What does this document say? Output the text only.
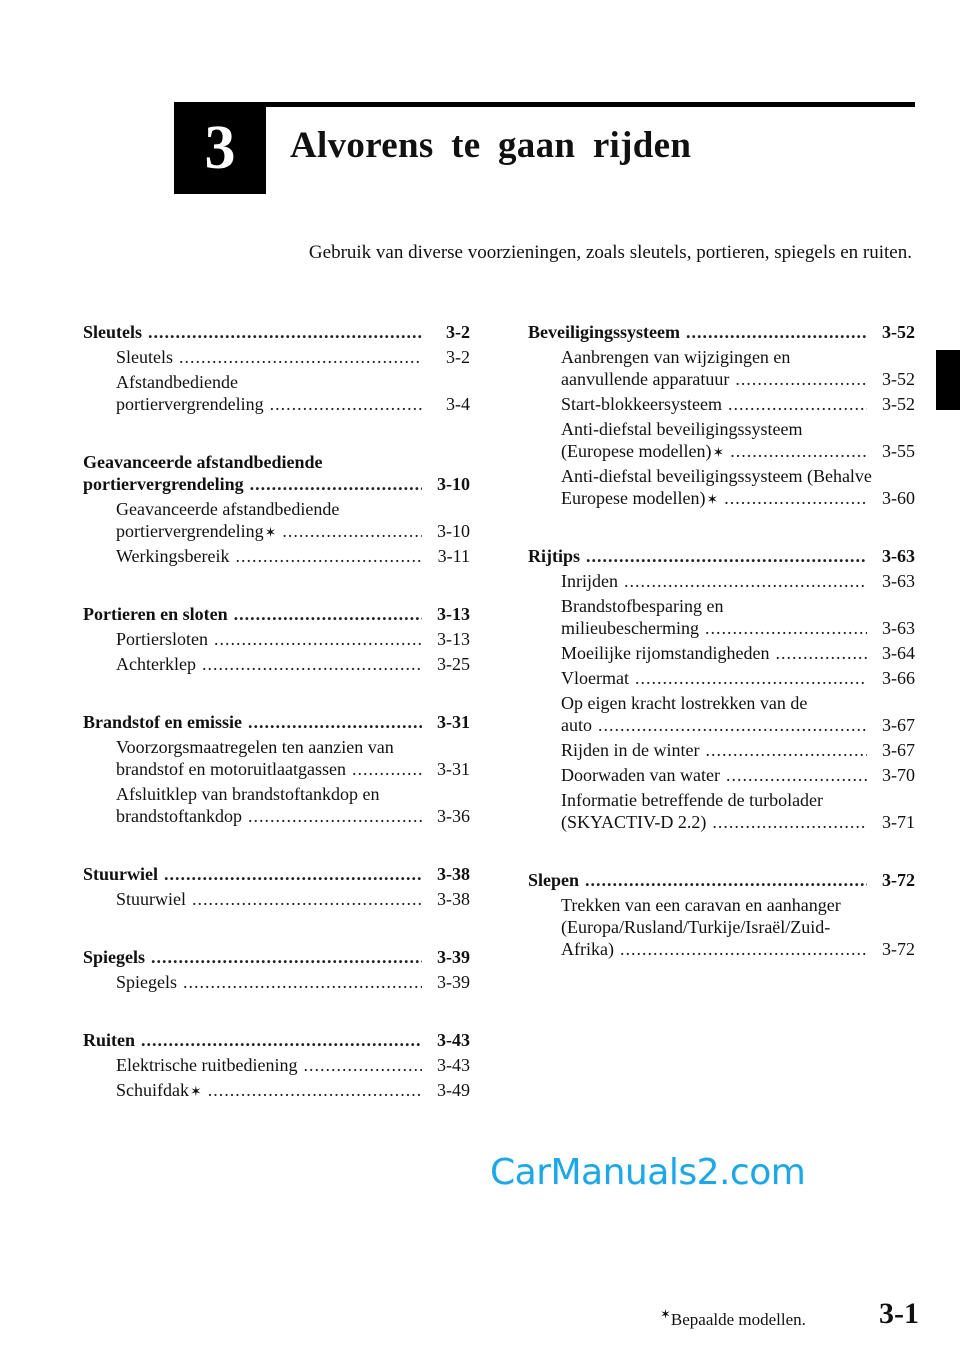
3 Alvorens te gaan rijden
Gebruik van diverse voorzieningen, zoals sleutels, portieren, spiegels en ruiten.
Sleutels .....	3-2
Sleutels .....	3-2
Afstandbediende
portiervergrendeling .....	3-4
Geavanceerde afstandbediende
portiervergrendeling .....	3-10
Geavanceerde afstandbediende
portiervergrendeling ✶ .....	3-10
Werkingsbereik .....	3-11
Portieren en sloten .....	3-13
Portiersloten .....	3-13
Achterklep .....	3-25
Brandstof en emissie .....	3-31
Voorzorgsmaatregelen ten aanzien van
brandstof en motoruitlaatgassen .....	3-31
Afsluitklep van brandstoftankdop en
brandstoftankdop .....	3-36
Stuurwiel .....	3-38
Stuurwiel .....	3-38
Spiegels .....	3-39
Spiegels .....	3-39
Ruiten .....	3-43
Elektrische ruitbediening .....	3-43
Schuifdak ✶ .....	3-49
Beveiligingssysteem .....	3-52
Aanbrengen van wijzigingen en
aanvullende apparatuur .....	3-52
Start-blokkeersysteem .....	3-52
Anti-diefstal beveiligingssysteem
(Europese modellen) ✶ .....	3-55
Anti-diefstal beveiligingssysteem (Behalve
Europese modellen) ✶ .....	3-60
Rijtips .....	3-63
Inrijden .....	3-63
Brandstofbesparing en
milieubescherming .....	3-63
Moeilijke rijomstandigheden .....	3-64
Vloermat .....	3-66
Op eigen kracht lostrekken van de
auto .....	3-67
Rijden in de winter .....	3-67
Doorwaden van water .....	3-70
Informatie betreffende de turbolader
(SKYACTIV-D 2.2) .....	3-71
Slepen .....	3-72
Trekken van een caravan en aanhanger
(Europa/Rusland/Turkije/Israël/Zuid-
Afrika) .....	3-72
CarManuals2.com
✶Bepaalde modellen. 3-1
